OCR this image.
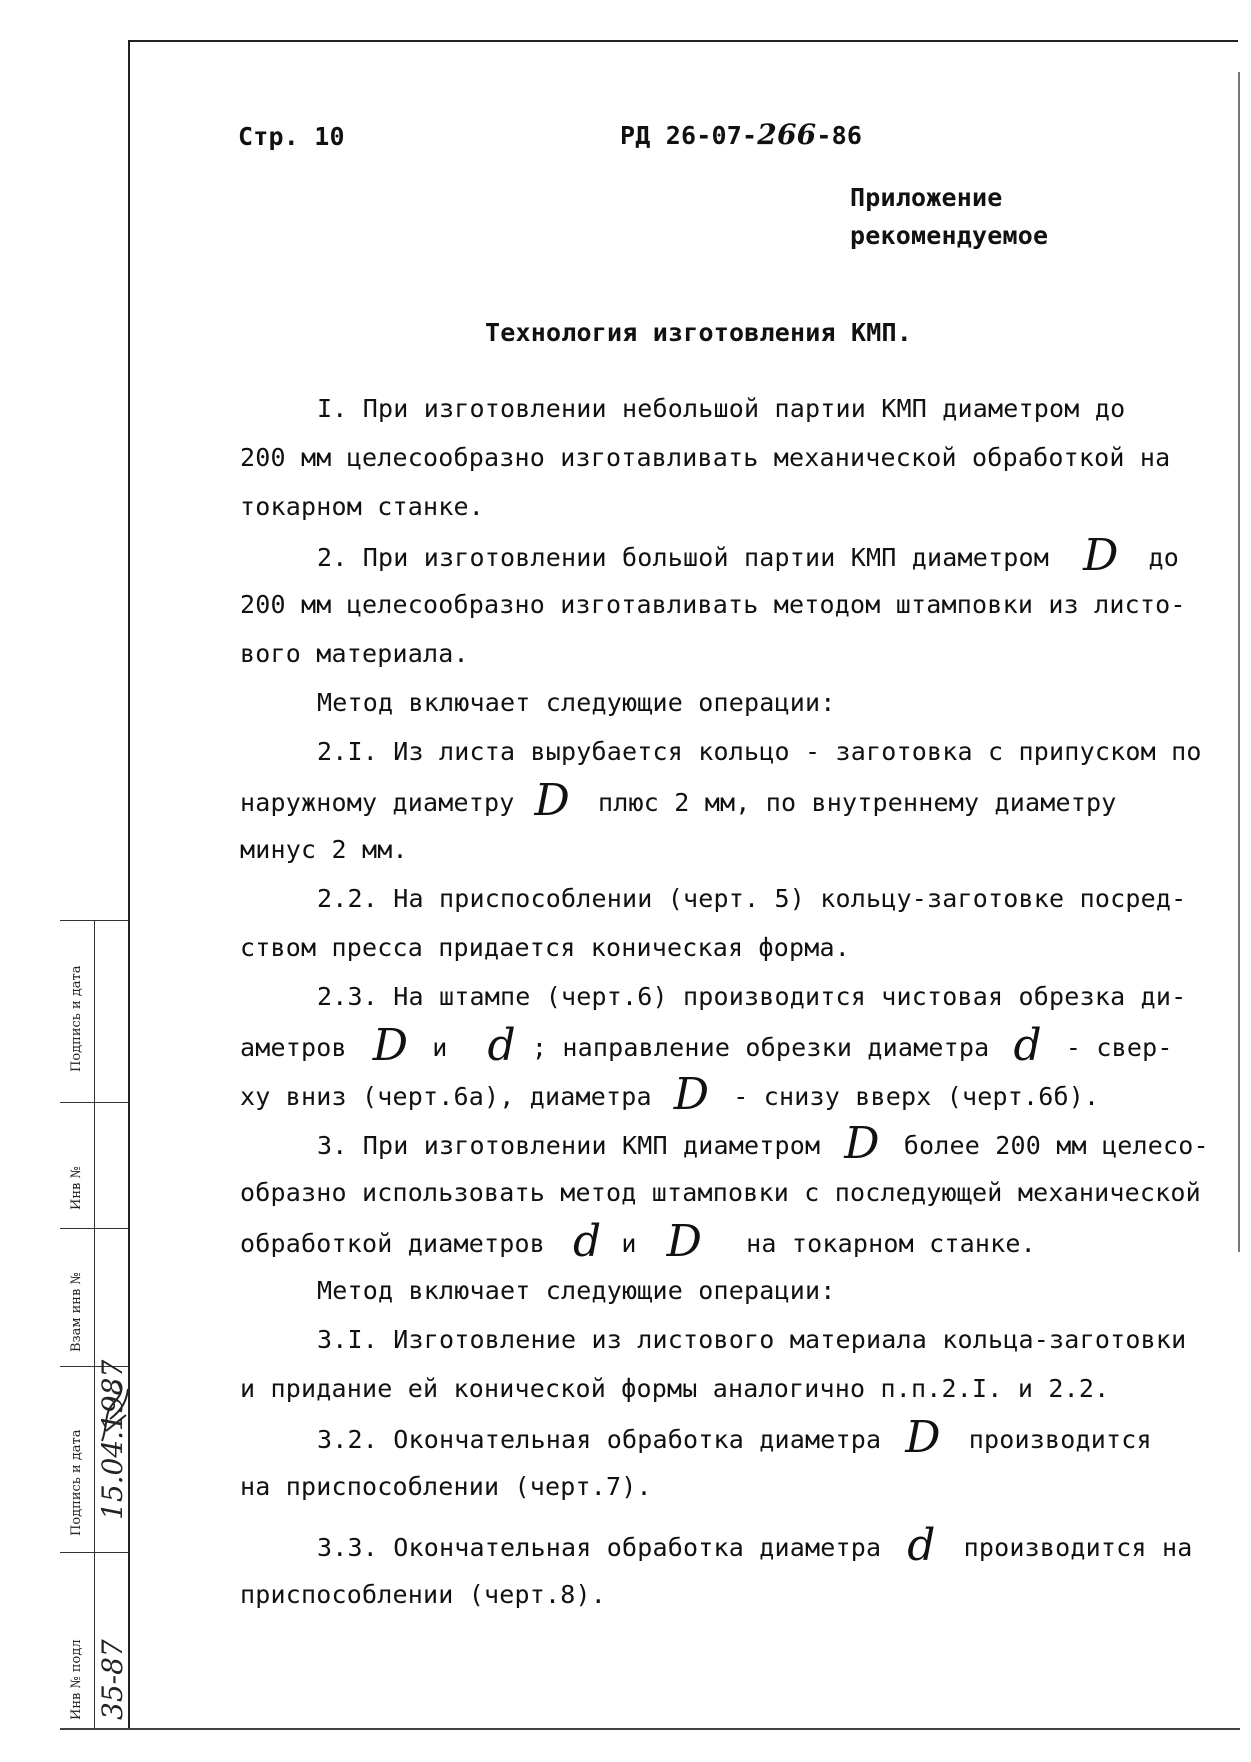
Стр. 10	РД 26-07-266-86
Приложение
рекомендуемое
Технология изготовления КМП.
I. При изготовлении небольшой партии КМП диаметром до
200 мм целесообразно изготавливать механической обработкой на
токарном станке.
2. При изготовлении большой партии КМП диаметром D до
200 мм целесообразно изготавливать методом штамповки из листо-
вого материала.
Метод включает следующие операции:
2.I. Из листа вырубается кольцо - заготовка с припуском по
наружному диаметру D плюс 2 мм, по внутреннему диаметру
минус 2 мм.
2.2. На приспособлении (черт. 5) кольцу-заготовке посред-
ством пресса придается коническая форма.
2.3. На штампе (черт.6) производится чистовая обрезка ди-
аметров D и d ; направление обрезки диаметра d - свер-
ху вниз (черт.6а), диаметра D - снизу вверх (черт.6б).
3. При изготовлении КМП диаметром D более 200 мм целесо-
образно использовать метод штамповки с последующей механической
обработкой диаметров d и D на токарном станке.
Метод включает следующие операции:
3.I. Изготовление из листового материала кольца-заготовки
и придание ей конической формы аналогично п.п.2.I. и 2.2.
3.2. Окончательная обработка диаметра D производится
на приспособлении (черт.7).
3.3. Окончательная обработка диаметра d производится на
приспособлении (черт.8).
Подпись и дата
Инв №
Взам инв №
Подпись и дата
Инв № подл
15.04.1987
35-87
